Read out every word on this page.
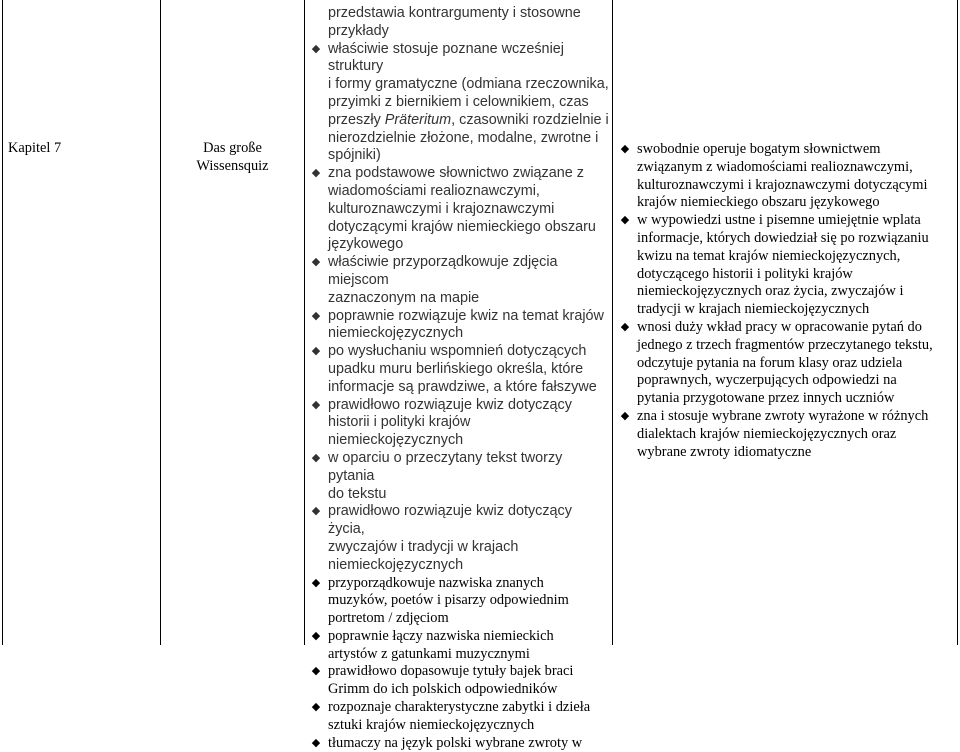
Kapitel 7	Das große
Wissensquiz
przedstawia kontrargumenty i stosowne
przykłady
◆ właściwie stosuje poznane wcześniej struktury
i formy gramatyczne (odmiana rzeczownika,
przyimki z biernikiem i celownikiem, czas
przeszły Präteritum, czasowniki rozdzielnie i
nierozdzielnie złożone, modalne, zwrotne i
spójniki)
◆ zna podstawowe słownictwo związane z
wiadomościami realioznawczymi,
kulturoznawczymi i krajoznawczymi
dotyczącymi krajów niemieckiego obszaru
językowego
◆ właściwie przyporządkowuje zdjęcia miejscom
zaznaczonym na mapie
◆ poprawnie rozwiązuje kwiz na temat krajów
niemieckojęzycznych
◆ po wysłuchaniu wspomnień dotyczących
upadku muru berlińskiego określa, które
informacje są prawdziwe, a które fałszywe
◆ prawidłowo rozwiązuje kwiz dotyczący
historii i polityki krajów niemieckojęzycznych
◆ w oparciu o przeczytany tekst tworzy pytania
do tekstu
◆ prawidłowo rozwiązuje kwiz dotyczący życia,
zwyczajów i tradycji w krajach
niemieckojęzycznych
◆ przyporządkowuje nazwiska znanych
muzyków, poetów i pisarzy odpowiednim
portretom / zdjęciom
◆ poprawnie łączy nazwiska niemieckich
artystów z gatunkami muzycznymi
◆ prawidłowo dopasowuje tytuły bajek braci
Grimm do ich polskich odpowiedników
◆ rozpoznaje charakterystyczne zabytki i dzieła
sztuki krajów niemieckojęzycznych
◆ tłumaczy na język polski wybrane zwroty w
◆ swobodnie operuje bogatym słownictwem
związanym z wiadomościami realioznawczymi,
kulturoznawczymi i krajoznawczymi dotyczącymi
krajów niemieckiego obszaru językowego
◆ w wypowiedzi ustne i pisemne umiejętnie wplata
informacje, których dowiedział się po rozwiązaniu
kwizu na temat krajów niemieckojęzycznych,
dotyczącego historii i polityki krajów
niemieckojęzycznych oraz życia, zwyczajów i
tradycji w krajach niemieckojęzycznych
◆ wnosi duży wkład pracy w opracowanie pytań do
jednego z trzech fragmentów przeczytanego tekstu,
odczytuje pytania na forum klasy oraz udziela
poprawnych, wyczerpujących odpowiedzi na
pytania przygotowane przez innych uczniów
◆ zna i stosuje wybrane zwroty wyrażone w różnych
dialektach krajów niemieckojęzycznych oraz
wybrane zwroty idiomatyczne
